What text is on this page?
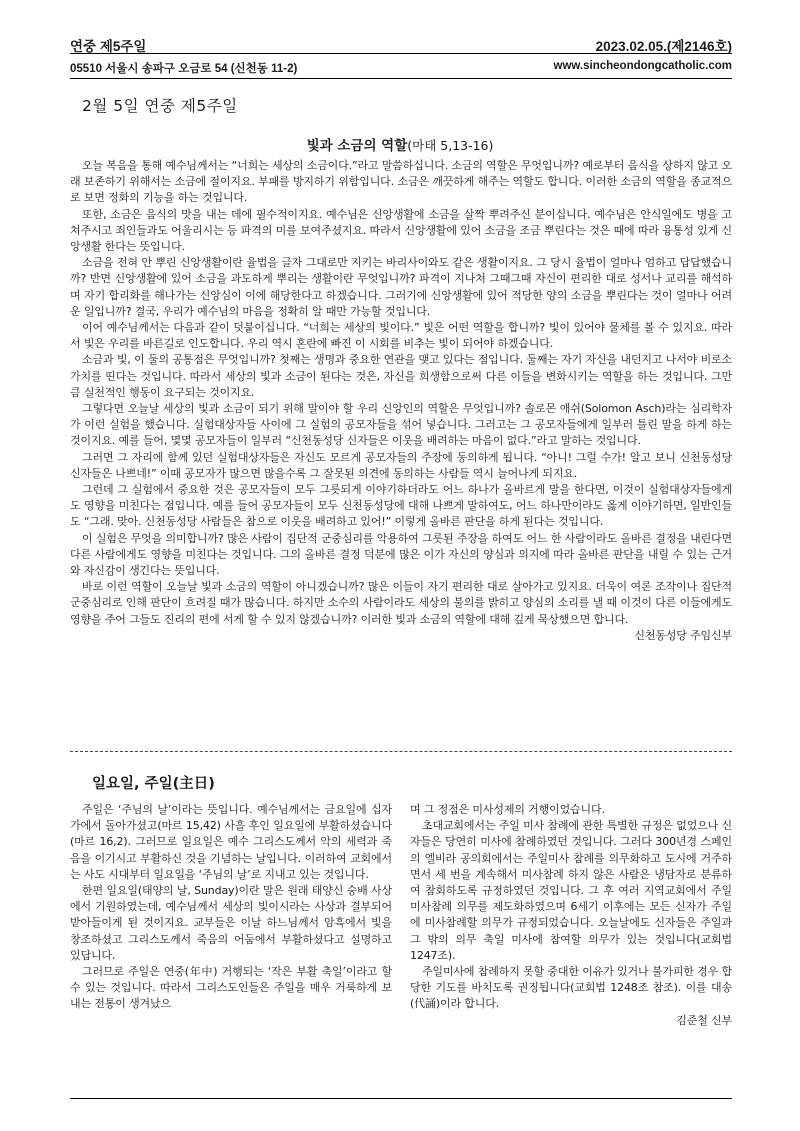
연중 제5주일	2023.02.05.(제2146호)
05510 서울시 송파구 오금로 54 (신천동 11-2)	www.sincheondongcatholic.com
2월 5일 연중 제5주일
빛과 소금의 역할(마태 5,13-16)

오늘 복음을 통해 예수님께서는 “너희는 세상의 소금이다.”라고 말씀하십니다. 소금의 역할은 무엇입니까? 예로부터 음식을 상하지 않고 오래 보존하기 위해서는 소금에 절이지요. 부패를 방지하기 위함입니다. 소금은 깨끗하게 해주는 역할도 합니다. 이러한 소금의 역할을 종교적으로 보면 정화의 기능을 하는 것입니다.

또한, 소금은 음식의 맛을 내는 데에 필수적이지요. 예수님은 신앙생활에 소금을 살짝 뿌려주신 분이십니다. 예수님은 안식일에도 병을 고쳐주시고 죄인들과도 어울리시는 등 파격의 미를 보여주셨지요. 따라서 신앙생활에 있어 소금을 조금 뿌린다는 것은 때에 따라 융통성 있게 신앙생활 한다는 뜻입니다.

소금을 전혀 안 뿌린 신앙생활이란 율법을 글자 그대로만 지키는 바리사이와도 같은 생활이지요. 그 당시 율법이 얼마나 엄하고 답답했습니까? 반면 신앙생활에 있어 소금을 과도하게 뿌리는 생활이란 무엇입니까? 파격이 지나쳐 그때그때 자신이 편리한 대로 성서나 교리를 해석하며 자기 합리화를 해나가는 신앙심이 이에 해당한다고 하겠습니다. 그러기에 신앙생활에 있어 적당한 양의 소금을 뿌린다는 것이 얼마나 어려운 일입니까? 결국, 우리가 예수님의 마음을 정확히 알 때만 가능할 것입니다.

이어 예수님께서는 다음과 같이 덧붙이십니다. “너희는 세상의 빛이다.” 빛은 어떤 역할을 합니까? 빛이 있어야 물체를 볼 수 있지요. 따라서 빛은 우리를 바른길로 인도합니다. 우리 역시 혼란에 빠진 이 시회를 비추는 빛이 되어야 하겠습니다.

소금과 빛, 이 둘의 공통점은 무엇입니까? 첫째는 생명과 중요한 연관을 맺고 있다는 점입니다. 둘째는 자기 자신을 내던지고 나서야 비로소 가치를 띤다는 것입니다. 따라서 세상의 빛과 소금이 된다는 것은, 자신을 희생함으로써 다른 이들을 변화시키는 역할을 하는 것입니다. 그만큼 실천적인 행동이 요구되는 것이지요.

그렇다면 오늘날 세상의 빛과 소금이 되기 위해 말이야 할 우리 신앙인의 역할은 무엇입니까? 솔로몬 애쉬(Solomon Asch)라는 심리학자가 이런 실험을 했습니다. 실험대상자들 사이에 그 실험의 공모자들을 섞어 넣습니다. 그러고는 그 공모자들에게 일부러 틀린 말을 하게 하는 것이지요. 예를 들어, 몇몇 공모자들이 일부러 “신천동성당 신자들은 이웃을 배려하는 마음이 없다.”라고 말하는 것입니다.

그러면 그 자리에 함께 있던 실험대상자들은 자신도 모르게 공모자들의 주장에 동의하게 됩니다. “아니! 그럴 수가! 알고 보니 신천동성당 신자들은 나쁘네!” 이때 공모자가 많으면 많을수록 그 잘못된 의견에 동의하는 사람들 역시 늘어나게 되지요.

그런데 그 실험에서 중요한 것은 공모자들이 모두 그릇되게 이야기하더라도 어느 하나가 올바르게 말을 한다면, 이것이 실험대상자들에게도 영향을 미친다는 점입니다. 예를 들어 공모자들이 모두 신천동성당에 대해 나쁘게 말하여도, 어느 하나만이라도 옳게 이야기하면, 일반인들도 “그래. 맞아. 신천동성당 사람들은 참으로 이웃을 배려하고 있어!” 이렇게 올바른 판단을 하게 된다는 것입니다.

이 실험은 무엇을 의미합니까? 많은 사람이 집단적 군중심리를 악용하여 그릇된 주장을 하여도 어느 한 사람이라도 올바른 결정을 내린다면 다른 사람에게도 영향을 미친다는 것입니다. 그의 올바른 결정 덕분에 많은 이가 자신의 양심과 의지에 따라 올바른 판단을 내릴 수 있는 근거와 자신감이 생긴다는 뜻입니다.

바로 이런 역할이 오늘날 빛과 소금의 역할이 아니겠습니까? 많은 이들이 자기 편리한 대로 살아가고 있지요. 더욱이 여론 조작이나 집단적 군중심리로 인해 판단이 흐려질 때가 많습니다. 하지만 소수의 사람이라도 세상의 불의를 밝히고 양심의 소리를 낼 때 이것이 다른 이들에게도 영향을 주어 그들도 진리의 편에 서게 할 수 있지 않겠습니까? 이러한 빛과 소금의 역할에 대해 깊게 묵상했으면 합니다.

신천동성당 주임신부
일요일, 주일(主日)

주일은 ‘주님의 날’이라는 뜻입니다. 예수님께서는 금요일에 십자가에서 돌아가셨고(마르 15,42) 사흘 후인 일요일에 부활하셨습니다(마르 16,2). 그러므로 일요일은 예수 그리스도께서 악의 세력과 죽음을 이기시고 부활하신 것을 기념하는 날입니다. 이러하여 교회에서는 사도 시대부터 일요일을 ‘주님의 날’로 지내고 있는 것입니다.

한편 일요일(태양의 날, Sunday)이란 말은 원래 태양신 숭배 사상에서 기원하였는데, 예수님께서 세상의 빛이시라는 사상과 결부되어 받아들이게 된 것이지요. 교부들은 이날 하느님께서 암흑에서 빛을 창조하셨고 그리스도께서 죽음의 어둠에서 부활하셨다고 설명하고 있답니다.

그러므로 주일은 연중(年中) 거행되는 ‘작은 부활 축일’이라고 할 수 있는 것입니다. 따라서 그리스도인들은 주일을 매우 거룩하게 보내는 전통이 생겨났으

며 그 정점은 미사성제의 거행이었습니다.

초대교회에서는 주일 미사 참례에 관한 특별한 규정은 없었으나 신자들은 당연히 미사에 참례하였던 것입니다. 그러다 300년경 스페인의 엘비라 공의회에서는 주일미사 참례를 의무화하고 도시에 거주하면서 세 번을 계속해서 미사참례 하지 않은 사람은 냉담자로 분류하여 참회하도록 규정하였던 것입니다. 그 후 여러 지역교회에서 주일 미사참례 의무를 제도화하였으며 6세기 이후에는 모든 신자가 주일에 미사참례할 의무가 규정되었습니다. 오늘날에도 신자들은 주일과 그 밖의 의무 축일 미사에 참여할 의무가 있는 것입니다(교회법 1247조).

주일미사에 참례하지 못할 중대한 이유가 있거나 불가피한 경우 합당한 기도를 바치도록 권징됩니다(교회법 1248조 참조). 이를 대송(代誦)이라 합니다.

김준철 신부
